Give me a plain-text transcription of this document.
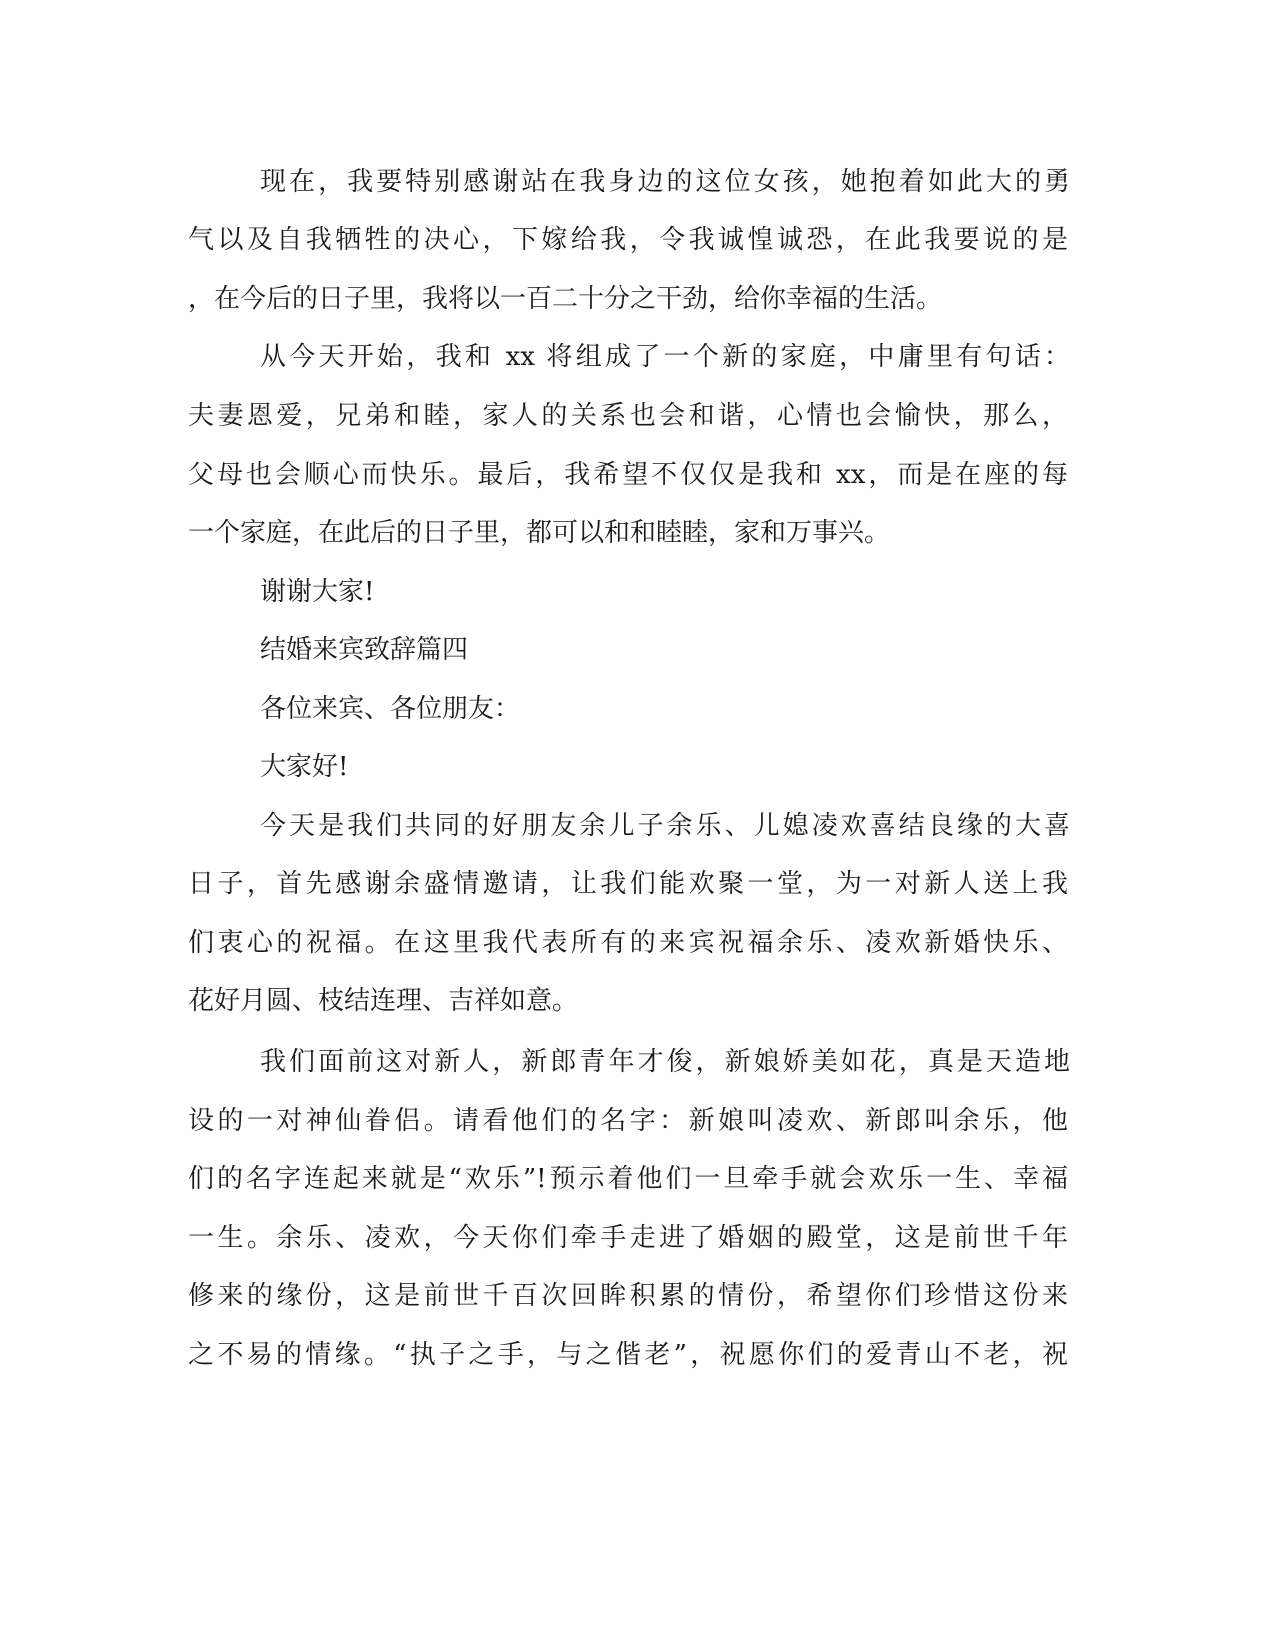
现在，我要特别感谢站在我身边的这位女孩，她抱着如此大的勇
气以及自我牺牲的决心，下嫁给我，令我诚惶诚恐，在此我要说的是
，在今后的日子里，我将以一百二十分之干劲，给你幸福的生活。
从今天开始，我和 xx 将组成了一个新的家庭，中庸里有句话：
夫妻恩爱，兄弟和睦，家人的关系也会和谐，心情也会愉快，那么，
父母也会顺心而快乐。最后，我希望不仅仅是我和 xx，而是在座的每
一个家庭，在此后的日子里，都可以和和睦睦，家和万事兴。
谢谢大家!
结婚来宾致辞篇四
各位来宾、各位朋友：
大家好!
今天是我们共同的好朋友余儿子余乐、儿媳凌欢喜结良缘的大喜
日子，首先感谢余盛情邀请，让我们能欢聚一堂，为一对新人送上我
们衷心的祝福。在这里我代表所有的来宾祝福余乐、凌欢新婚快乐、
花好月圆、枝结连理、吉祥如意。
我们面前这对新人，新郎青年才俊，新娘娇美如花，真是天造地
设的一对神仙眷侣。请看他们的名字：新娘叫凌欢、新郎叫余乐，他
们的名字连起来就是“欢乐”!预示着他们一旦牵手就会欢乐一生、幸福
一生。余乐、凌欢，今天你们牵手走进了婚姻的殿堂，这是前世千年
修来的缘份，这是前世千百次回眸积累的情份，希望你们珍惜这份来
之不易的情缘。“执子之手，与之偕老”，祝愿你们的爱青山不老，祝
